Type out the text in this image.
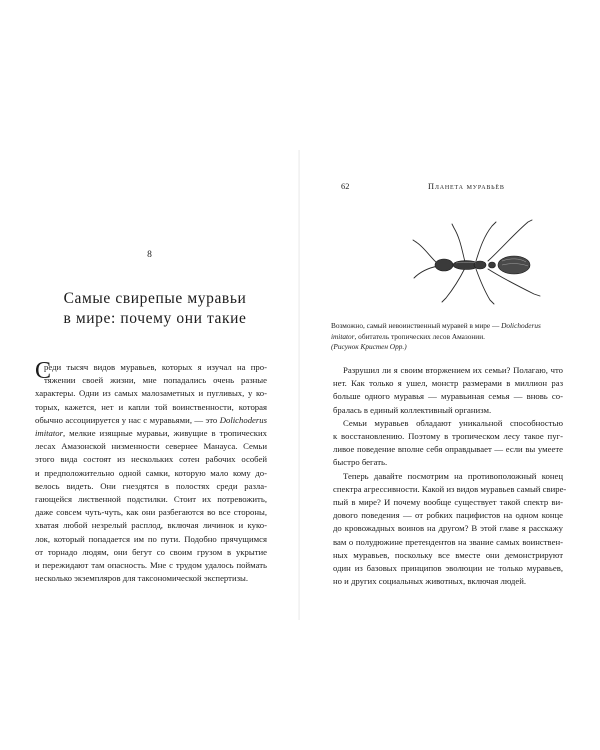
8
Самые свирепые муравьи
в мире: почему они такие
С
реди тысяч видов муравьев, которых я изучал на про-
тяжении своей жизни, мне попадались очень разные
характеры. Одни из самых малозаметных и пугливых, у ко-
торых, кажется, нет и капли той воинственности, которая
обычно ассоциируется у нас с муравьями, — это Dolichoderus
imitator, мелкие изящные муравьи, живущие в тропических
лесах Амазонской низменности севернее Манауса. Семьи
этого вида состоят из нескольких сотен рабочих особей
и предположительно одной самки, которую мало кому до-
велось видеть. Они гнездятся в полостях среди разла-
гающейся лиственной подстилки. Стоит их потревожить,
даже совсем чуть-чуть, как они разбегаются во все стороны,
хватая любой незрелый расплод, включая личинок и куко-
лок, который попадается им по пути. Подобно прячущимся
от торнадо людям, они бегут со своим грузом в укрытие
и пережидают там опасность. Мне с трудом удалось поймать
несколько экземпляров для таксономической экспертизы.
62	Планета муравьёв
Возможно, самый невоинственный муравей в мире — Dolichoderus
imitator, обитатель тропических лесов Амазонии.
(Рисунок Кристен Орр.)
Разрушил ли я своим вторжением их семьи? Полагаю, что
нет. Как только я ушел, монстр размерами в миллион раз
больше одного муравья — муравьиная семья — вновь со-
бралась в единый коллективный организм.
Семьи муравьев обладают уникальной способностью
к восстановлению. Поэтому в тропическом лесу такое пуг-
ливое поведение вполне себя оправдывает — если вы умеете
быстро бегать.
Теперь давайте посмотрим на противоположный конец
спектра агрессивности. Какой из видов муравьев самый свире-
пый в мире? И почему вообще существует такой спектр ви-
дового поведения — от робких пацифистов на одном конце
до кровожадных воинов на другом? В этой главе я расскажу
вам о полудюжине претендентов на звание самых воинствен-
ных муравьев, поскольку все вместе они демонстрируют
один из базовых принципов эволюции не только муравьев,
но и других социальных животных, включая людей.
